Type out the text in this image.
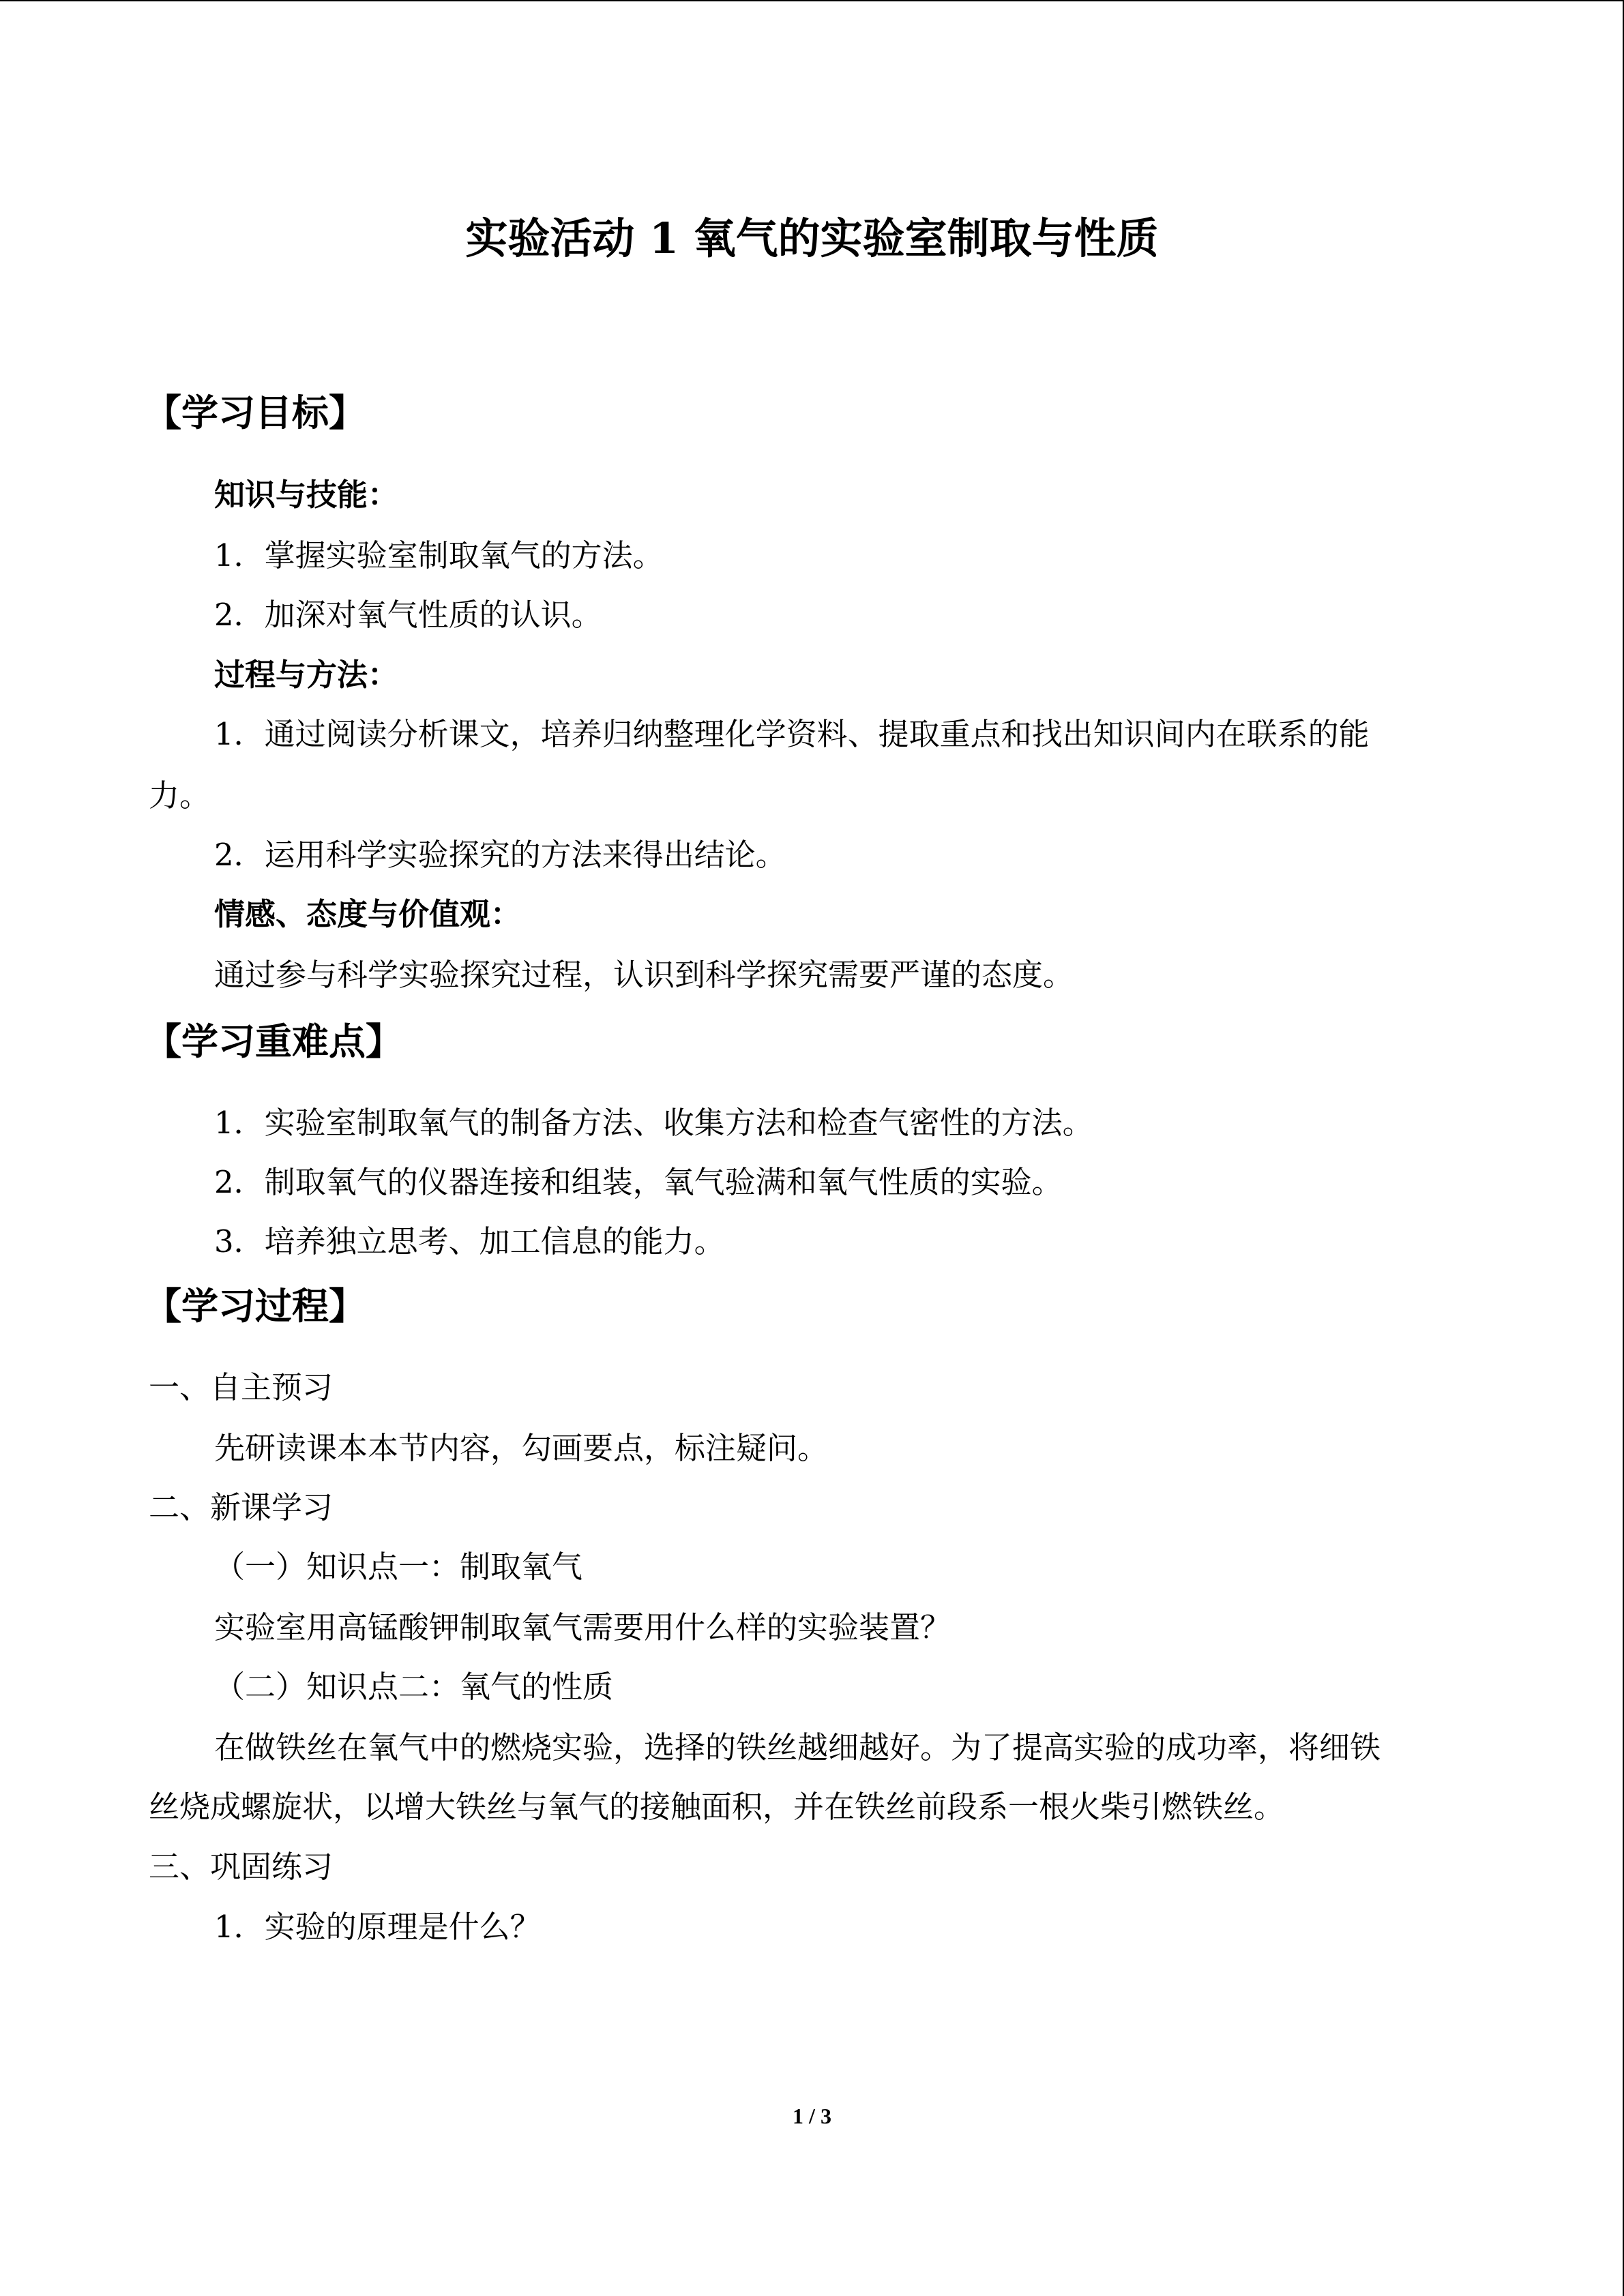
实验活动 1 氧气的实验室制取与性质
【学习目标】
知识与技能：
1．掌握实验室制取氧气的方法。
2．加深对氧气性质的认识。
过程与方法：
1．通过阅读分析课文，培养归纳整理化学资料、提取重点和找出知识间内在联系的能
力。
2．运用科学实验探究的方法来得出结论。
情感、态度与价值观：
通过参与科学实验探究过程，认识到科学探究需要严谨的态度。
【学习重难点】
1．实验室制取氧气的制备方法、收集方法和检查气密性的方法。
2．制取氧气的仪器连接和组装，氧气验满和氧气性质的实验。
3．培养独立思考、加工信息的能力。
【学习过程】
一、自主预习
先研读课本本节内容，勾画要点，标注疑问。
二、新课学习
（一）知识点一：制取氧气
实验室用高锰酸钾制取氧气需要用什么样的实验装置？
（二）知识点二：氧气的性质
在做铁丝在氧气中的燃烧实验，选择的铁丝越细越好。为了提高实验的成功率，将细铁
丝烧成螺旋状，以增大铁丝与氧气的接触面积，并在铁丝前段系一根火柴引燃铁丝。
三、巩固练习
1．实验的原理是什么？
1 / 3
